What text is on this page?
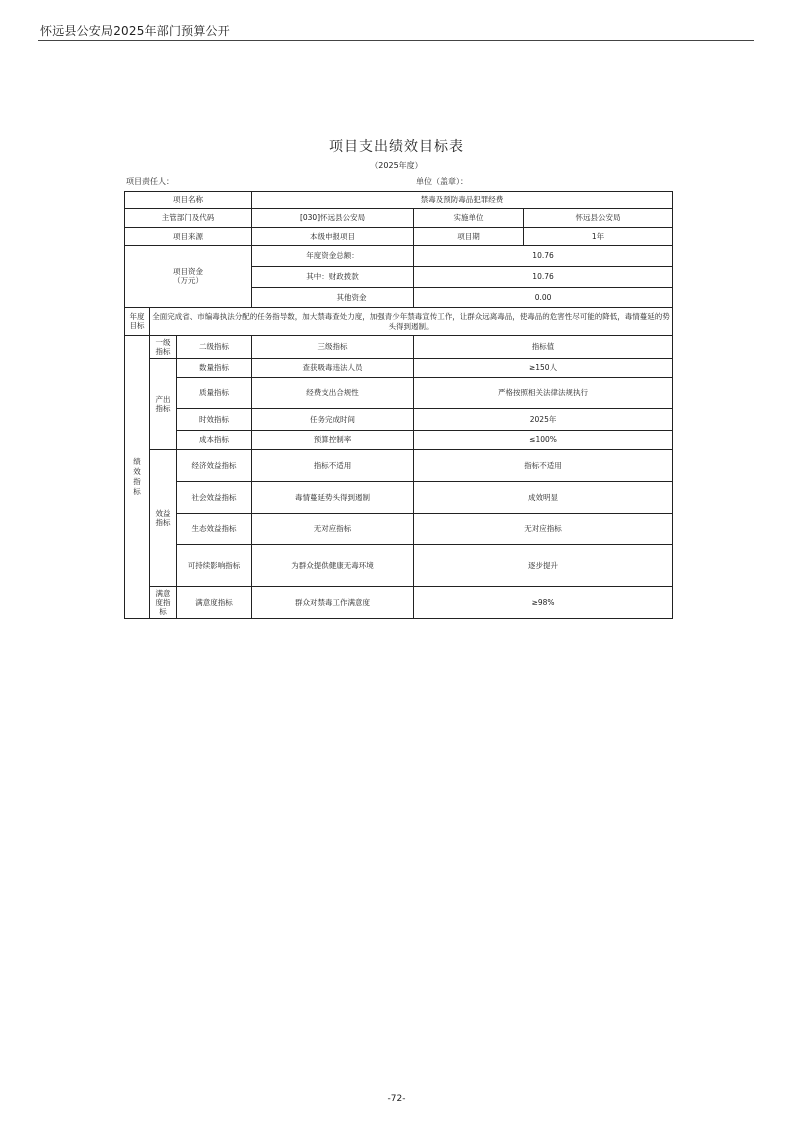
怀远县公安局2025年部门预算公开
项目支出绩效目标表
（2025年度）
项目责任人：	单位（盖章）：
项目名称			禁毒及预防毒品犯罪经费		
主管部门及代码			[030]怀远县公安局	实施单位	怀远县公安局
项目来源			本级申报项目	项目期	1年
项目资金（万元）			年度资金总额：	10.76	
			其中：财政拨款	10.76	
			其他资金	0.00	
年度目标	全面完成省、市编毒执法分配的任务指导数，加大禁毒查处力度，加强青少年禁毒宣传工作，让群众远离毒品，使毒品的危害性尽可能的降低，毒情蔓延的势头得到遏制。				
绩效指标	一级指标	二级指标	三级指标	指标值	
	产出指标	数量指标	查获吸毒违法人员	≥150人	
		质量指标	经费支出合规性	严格按照相关法律法规执行	
		时效指标	任务完成时间	2025年	
		成本指标	预算控制率	≤100%	
	效益指标	经济效益指标	指标不适用	指标不适用	
		社会效益指标	毒情蔓延势头得到遏制	成效明显	
		生态效益指标	无对应指标	无对应指标	
		可持续影响指标	为群众提供健康无毒环境	逐步提升	
	满意度指标	满意度指标	群众对禁毒工作满意度	≥98%	
-72-
